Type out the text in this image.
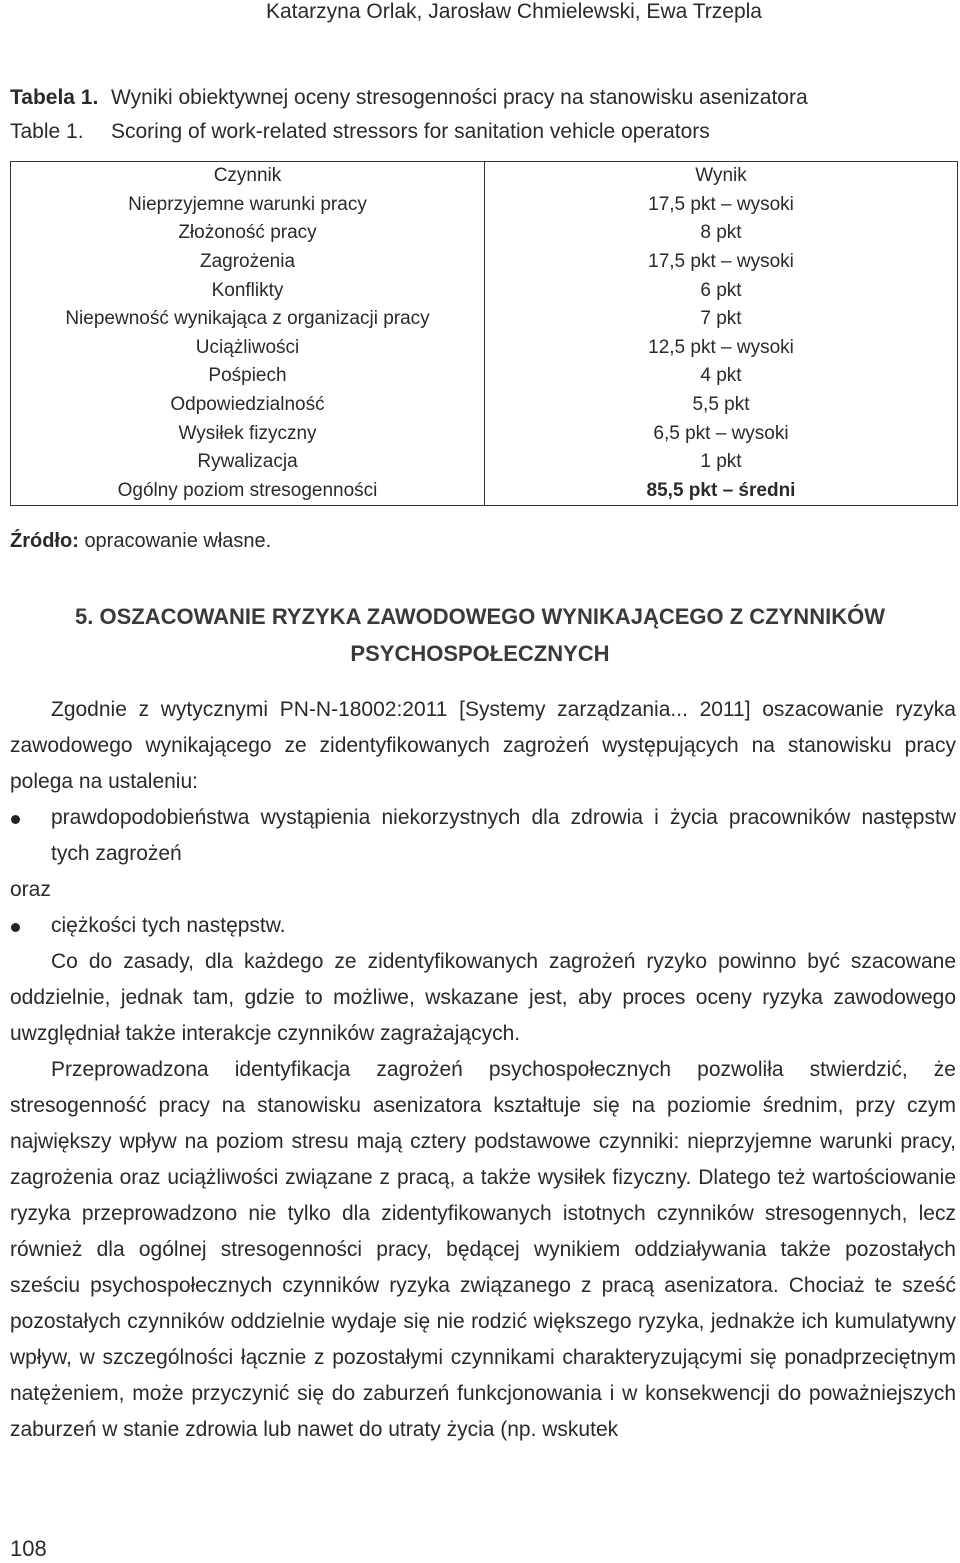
Katarzyna Orlak, Jarosław Chmielewski, Ewa Trzepla
Tabela 1. Wyniki obiektywnej oceny stresogenności pracy na stanowisku asenizatora
Table 1. Scoring of work-related stressors for sanitation vehicle operators
Czynnik	Wynik
Nieprzyjemne warunki pracy	17,5 pkt – wysoki
Złożoność pracy	8 pkt
Zagrożenia	17,5 pkt – wysoki
Konflikty	6 pkt
Niepewność wynikająca z organizacji pracy	7 pkt
Uciążliwości	12,5 pkt – wysoki
Pośpiech	4 pkt
Odpowiedzialność	5,5 pkt
Wysiłek fizyczny	6,5 pkt – wysoki
Rywalizacja	1 pkt
Ogólny poziom stresogenności	85,5 pkt – średni
Źródło: opracowanie własne.
5. OSZACOWANIE RYZYKA ZAWODOWEGO WYNIKAJĄCEGO Z CZYNNIKÓW
PSYCHOSPOŁECZNYCH

Zgodnie z wytycznymi PN-N-18002:2011 [Systemy zarządzania... 2011] oszacowanie ryzyka zawodowego wynikającego ze zidentyfikowanych zagrożeń występujących na stanowisku pracy polega na ustaleniu:

prawdopodobieństwa wystąpienia niekorzystnych dla zdrowia i życia pracowników następstw tych zagrożeń

oraz

ciężkości tych następstw.

Co do zasady, dla każdego ze zidentyfikowanych zagrożeń ryzyko powinno być szacowane oddzielnie, jednak tam, gdzie to możliwe, wskazane jest, aby proces oceny ryzyka zawodowego uwzględniał także interakcje czynników zagrażających.

Przeprowadzona identyfikacja zagrożeń psychospołecznych pozwoliła stwierdzić, że stresogenność pracy na stanowisku asenizatora kształtuje się na poziomie średnim, przy czym największy wpływ na poziom stresu mają cztery podstawowe czynniki: nieprzyjemne warunki pracy, zagrożenia oraz uciążliwości związane z pracą, a także wysiłek fizyczny. Dlatego też wartościowanie ryzyka przeprowadzono nie tylko dla zidentyfikowanych istotnych czynników stresogennych, lecz również dla ogólnej stresogenności pracy, będącej wynikiem oddziaływania także pozostałych sześciu psychospołecznych czynników ryzyka związanego z pracą asenizatora. Chociaż te sześć pozostałych czynników oddzielnie wydaje się nie rodzić większego ryzyka, jednakże ich kumulatywny wpływ, w szczególności łącznie z pozostałymi czynnikami charakteryzującymi się ponadprzeciętnym natężeniem, może przyczynić się do zaburzeń funkcjonowania i w konsekwencji do poważniejszych zaburzeń w stanie zdrowia lub nawet do utraty życia (np. wskutek

108
